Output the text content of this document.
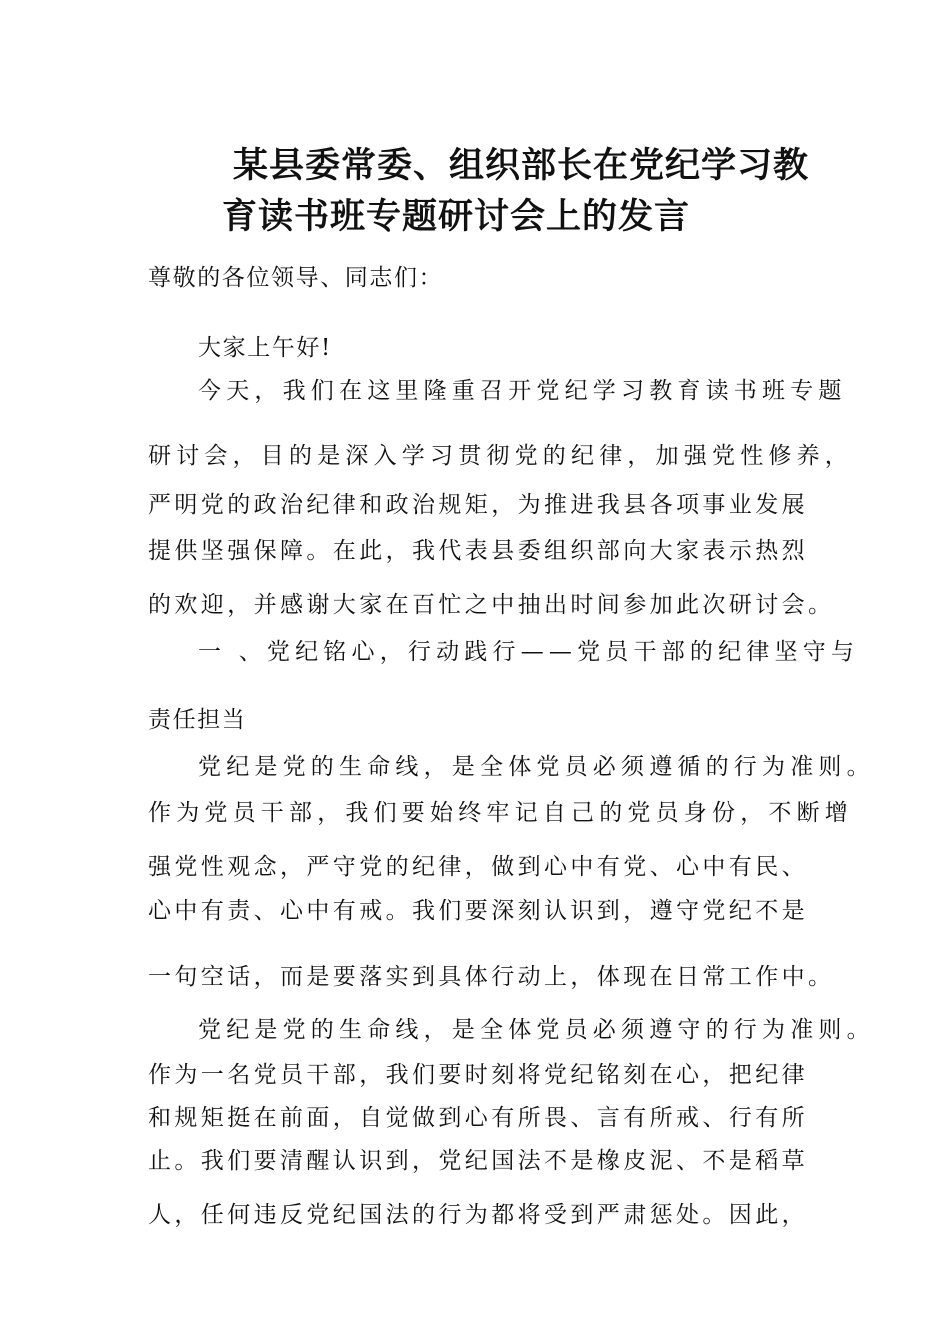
某县委常委、组织部长在党纪学习教
育读书班专题研讨会上的发言
尊敬的各位领导、同志们：
大家上午好!
今天，我们在这里隆重召开党纪学习教育读书班专题
研讨会，目的是深入学习贯彻党的纪律，加强党性修养，
严明党的政治纪律和政治规矩，为推进我县各项事业发展
提供坚强保障。在此，我代表县委组织部向大家表示热烈
的欢迎，并感谢大家在百忙之中抽出时间参加此次研讨会。
一 、党纪铭心，行动践行——党员干部的纪律坚守与
责任担当
党纪是党的生命线，是全体党员必须遵循的行为准则。
作为党员干部，我们要始终牢记自己的党员身份，不断增
强党性观念，严守党的纪律，做到心中有党、心中有民、
心中有责、心中有戒。我们要深刻认识到，遵守党纪不是
一句空话，而是要落实到具体行动上，体现在日常工作中。
党纪是党的生命线，是全体党员必须遵守的行为准则。
作为一名党员干部，我们要时刻将党纪铭刻在心，把纪律
和规矩挺在前面，自觉做到心有所畏、言有所戒、行有所
止。我们要清醒认识到，党纪国法不是橡皮泥、不是稻草
人，任何违反党纪国法的行为都将受到严肃惩处。因此，
